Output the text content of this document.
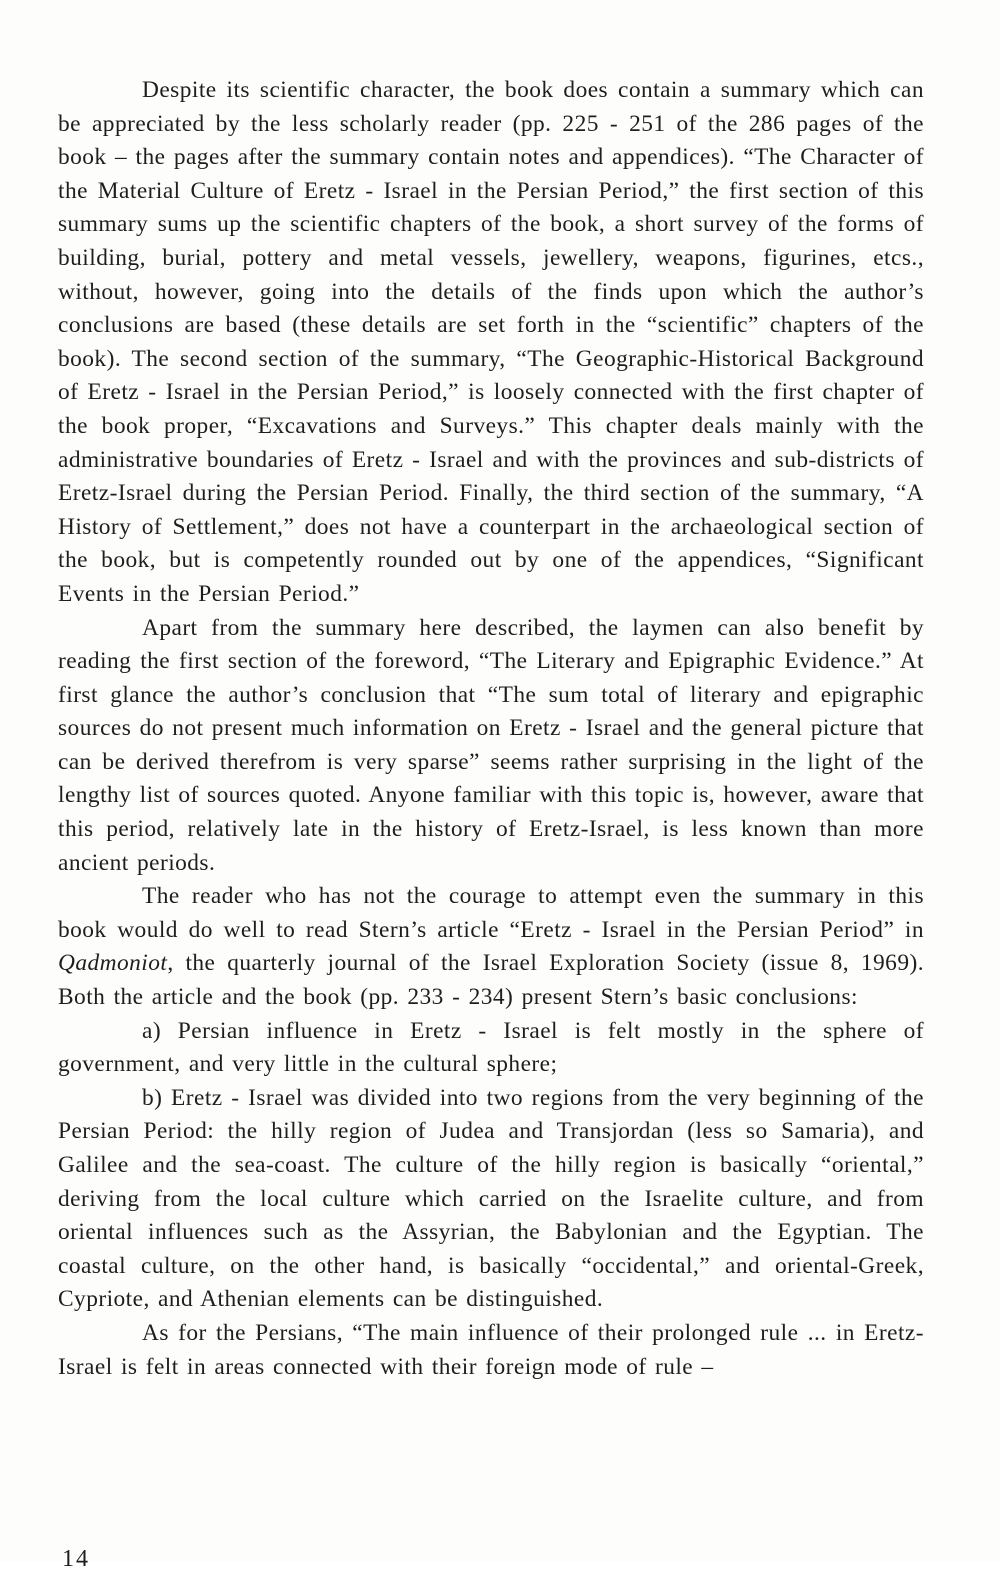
Despite its scientific character, the book does contain a summary which can be appreciated by the less scholarly reader (pp. 225 - 251 of the 286 pages of the book – the pages after the summary contain notes and appendices). “The Character of the Material Culture of Eretz - Israel in the Persian Period,” the first section of this summary sums up the scientific chapters of the book, a short survey of the forms of building, burial, pottery and metal vessels, jewellery, weapons, figurines, etcs., without, however, going into the details of the finds upon which the author’s conclusions are based (these details are set forth in the “scientific” chapters of the book). The second section of the summary, “The Geographic-Historical Background of Eretz - Israel in the Persian Period,” is loosely connected with the first chapter of the book proper, “Excavations and Surveys.” This chapter deals mainly with the administrative boundaries of Eretz - Israel and with the provinces and sub-districts of Eretz-Israel during the Persian Period. Finally, the third section of the summary, “A History of Settlement,” does not have a counterpart in the archaeological section of the book, but is competently rounded out by one of the appendices, “Significant Events in the Persian Period.”

Apart from the summary here described, the laymen can also benefit by reading the first section of the foreword, “The Literary and Epigraphic Evidence.” At first glance the author’s conclusion that “The sum total of literary and epigraphic sources do not present much information on Eretz - Israel and the general picture that can be derived therefrom is very sparse” seems rather surprising in the light of the lengthy list of sources quoted. Anyone familiar with this topic is, however, aware that this period, relatively late in the history of Eretz-Israel, is less known than more ancient periods.

The reader who has not the courage to attempt even the summary in this book would do well to read Stern’s article “Eretz - Israel in the Persian Period” in Qadmoniot, the quarterly journal of the Israel Exploration Society (issue 8, 1969). Both the article and the book (pp. 233 - 234) present Stern’s basic conclusions:

a) Persian influence in Eretz - Israel is felt mostly in the sphere of government, and very little in the cultural sphere;

b) Eretz - Israel was divided into two regions from the very beginning of the Persian Period: the hilly region of Judea and Transjordan (less so Samaria), and Galilee and the sea-coast. The culture of the hilly region is basically “oriental,” deriving from the local culture which carried on the Israelite culture, and from oriental influences such as the Assyrian, the Babylonian and the Egyptian. The coastal culture, on the other hand, is basically “occidental,” and oriental-Greek, Cypriote, and Athenian elements can be distinguished.

As for the Persians, “The main influence of their prolonged rule ... in Eretz-Israel is felt in areas connected with their foreign mode of rule –

14
